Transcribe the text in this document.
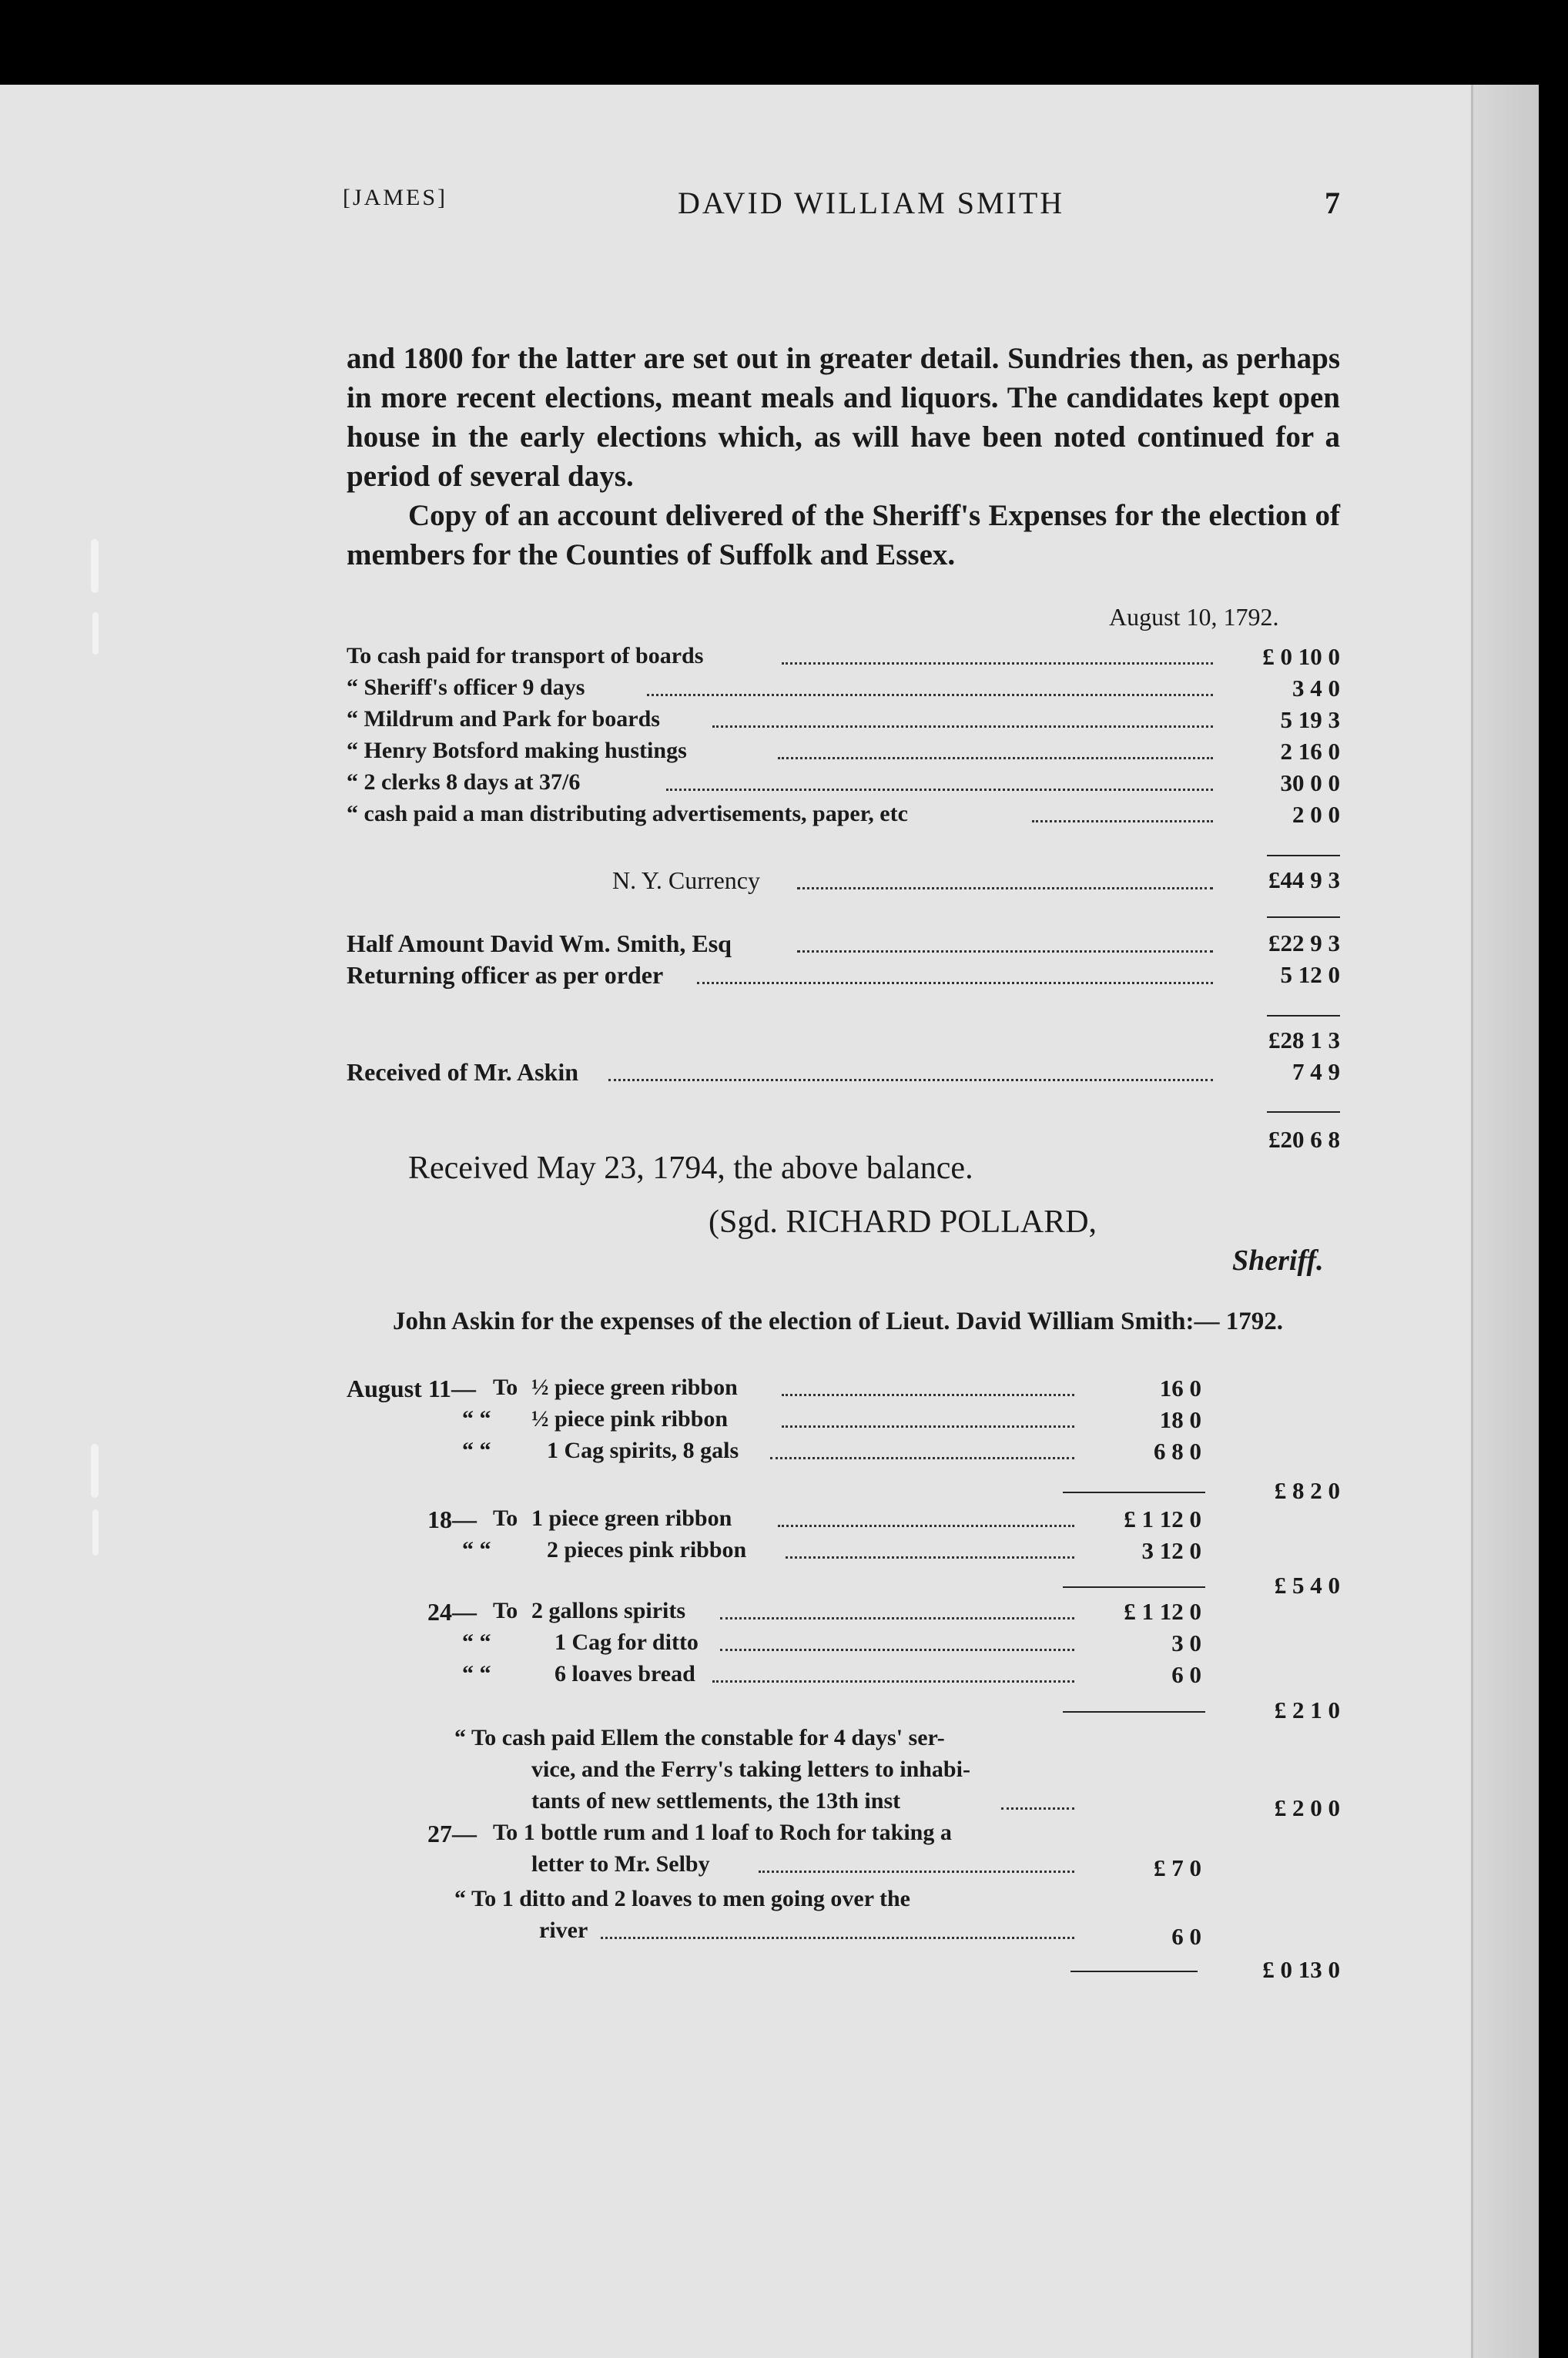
[JAMES]	DAVID WILLIAM SMITH	7

and 1800 for the latter are set out in greater detail. Sundries then, as perhaps in more recent elections, meant meals and liquors. The candidates kept open house in the early elections which, as will have been noted continued for a period of several days.

Copy of an account delivered of the Sheriff's Expenses for the election of members for the Counties of Suffolk and Essex.

August 10, 1792.
To cash paid for transport of boards	£ 0 10 0
“ Sheriff's officer 9 days	3 4 0
“ Mildrum and Park for boards	5 19 3
“ Henry Botsford making hustings	2 16 0
“ 2 clerks 8 days at 37/6	30 0 0
“ cash paid a man distributing advertisements, paper, etc	2 0 0
N. Y. Currency	£44 9 3
Half Amount David Wm. Smith, Esq	£22 9 3
Returning officer as per order	5 12 0
£28 1 3
Received of Mr. Askin	7 4 9
£20 6 8
Received May 23, 1794, the above balance.
(Sgd. RICHARD POLLARD,
Sheriff.
John Askin for the expenses of the election of Lieut. David William Smith:— 1792.
August 11— To ½ piece green ribbon	16 0
“ “ ½ piece pink ribbon	18 0
“ “ 1 Cag spirits, 8 gals	6 8 0
£ 8 2 0
18— To 1 piece green ribbon	£ 1 12 0
“ “ 2 pieces pink ribbon	3 12 0
£ 5 4 0
24— To 2 gallons spirits	£ 1 12 0
“ “	1 Cag for ditto	3 0
“ “	6 loaves bread	6 0
£ 2 1 0
“ To cash paid Ellem the constable for 4 days' ser-
vice, and the Ferry's taking letters to inhabi-
tants of new settlements, the 13th inst	£ 2 0 0
27— To 1 bottle rum and 1 loaf to Roch for taking a
letter to Mr. Selby	£ 7 0
“ To 1 ditto and 2 loaves to men going over the
river	6 0
£ 0 13 0
